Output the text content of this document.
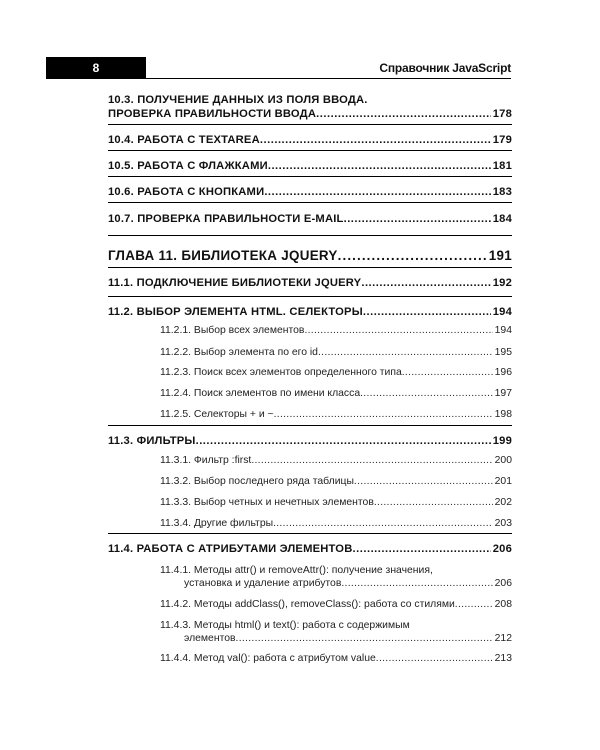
8	Справочник JavaScript
10.3. ПОЛУЧЕНИЕ ДАННЫХ ИЗ ПОЛЯ ВВОДА.
ПРОВЕРКА ПРАВИЛЬНОСТИ ВВОДА . . .	178
10.4. РАБОТА С TEXTAREA . . .	179
10.5. РАБОТА С ФЛАЖКАМИ . . .	181
10.6. РАБОТА С КНОПКАМИ . . .	183
10.7. ПРОВЕРКА ПРАВИЛЬНОСТИ E-MAIL . . .	184
ГЛАВА 11. БИБЛИОТЕКА JQUERY . . .	191
11.1. ПОДКЛЮЧЕНИЕ БИБЛИОТЕКИ JQUERY . . .	192
11.2. ВЫБОР ЭЛЕМЕНТА HTML. СЕЛЕКТОРЫ . . .	194
11.2.1. Выбор всех элементов . . .	194
11.2.2. Выбор элемента по его id . . .	195
11.2.3. Поиск всех элементов определенного типа . . .	196
11.2.4. Поиск элементов по имени класса . . .	197
11.2.5. Селекторы + и ~ . . .	198
11.3. ФИЛЬТРЫ . . .	199
11.3.1. Фильтр :first . . .	200
11.3.2. Выбор последнего ряда таблицы . . .	201
11.3.3. Выбор четных и нечетных элементов . . .	202
11.3.4. Другие фильтры . . .	203
11.4. РАБОТА С АТРИБУТАМИ ЭЛЕМЕНТОВ . . .	206
11.4.1. Методы attr() и removeAttr(): получение значения,
установка и удаление атрибутов . . .	206
11.4.2. Методы addClass(), removeClass(): работа со стилями . . .	208
11.4.3. Методы html() и text(): работа с содержимым
элементов . . .	212
11.4.4. Метод val(): работа с атрибутом value . . .	213
